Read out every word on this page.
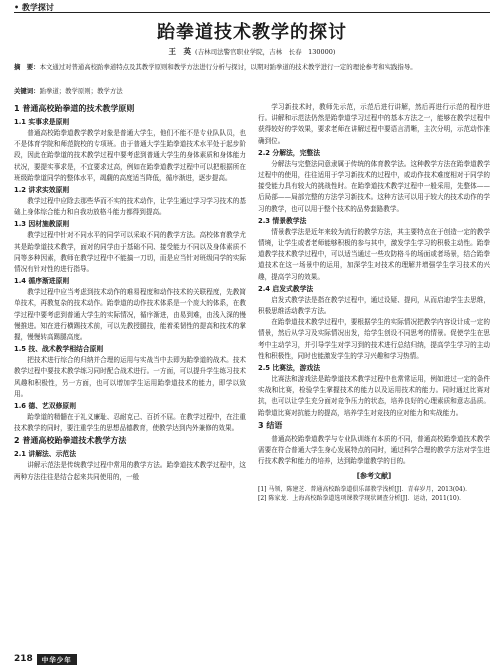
• 教学探讨
跆拳道技术教学的探讨
王　英 (吉林司法警官职业学院，吉林　长春　130000)
摘　要：本文通过对普通高校跆拳道特点及其教学原则和教学方法进行分析与探讨，以期对跆拳道的技术教学进行一定的理论参考和实践指导。
关键词：跆拳道；教学原则；教学方法
1 普通高校跆拳道的技术教学原则
1.1 实事求是原则
普通高校跆拳道教学教学对象是普通大学生，他们不能不是专业队队员，也不是体育学院和师范院校的专项班。由于普通大学生跆拳道技术水平处于起步阶段，因此在跆拳道的技术教学过程中要考虑到普通大学生的身体素质和身体能力状况，要提实事求是，不宜要求过高，例如在跆拳道教学过程中可以把根据所在班级跆拳道同学的整体水平，竭觑的高度适当降低，循序渐进，逐步提高。
1.2 讲求实效原则
教学过程中应除去那些华而不实的技术动作，让学生通过学习学习技术的基础上身体综合能力和自我功放格斗能力都得到提高。
1.3 因材施教原则
教学过程中针对不同水平的同学可以采取不同的教学方法。高校体育教学尤其是跆拳道技术教学，面对的同学由于基础不同、接受能力不同以及身体素质不同等多种因素，教师在教学过程中不能搞一刀切，而是应当针对班级同学的实际情况有针对性的进行指导。
1.4 循序渐进原则
教学过程中应当考虑到技术动作的难易程度和动作技术的关联程度，先教简单技术，再教复杂的技术动作。跆拳道的动作技术体系是一个庞大的体系，在教学过程中要考虑到普通大学生的实际情况，循序渐进，由易到难，由浅入深的慢慢推进。知在进行横踢技术前，可以先教授腿技，能着柔韧性的提高和技术的掌握，慢慢转高踢腿高度。
1.5 技、战术教学相结合原则
把技术进行综合的归纳并合理的运用与实战当中去即为跆拳道的战术。技术教学过程中要技术教学练习同时配合战术进行。一方面，可以提升学生练习技术风趣和积极性，另一方面，也可以增加学生运用跆拳道技术的能力，即学以致用。
1.6 德、艺双修原则
跆拳道的精髓在于礼义廉耻、忍耐克己、百折不屈。在教学过程中，在注重技术教学的同时，要注重学生的思想品德教育，使教学达到内外兼修的效果。
2 普通高校跆拳道技术教学方法
2.1 讲解法、示范法
讲解示范法是传统教学过程中常用的教学方法。跆拳道技术教学过程中，这两种方法往往是结合起来共同使用的，一般
学习新技术时，教师先示范，示范后进行讲解，然后再进行示范的程序进行。讲解和示范法仍然是跆拳道学习过程中的基本方法之一，能够在教学过程中获得较好的学效果，要求老师在讲解过程中要语言清晰，主次分明，示范动作准确到位。
2.2 分解法，完整法
分解法与完整法同意隶属于传统的体育教学法。这种教学方法在跆拳道教学过程中的使用，往往适用于学习新技术的过程中，或动作技术难度相对于同学的接受能力具有较大的挑战性时。在跆拳道技术教学过程中一般采用，先整体——后局部——局部完整的方法学习新技术。这种方法可以用于较大的技术动作的学习的教学，也可以用于整个技术的品势套路教学。
2.3 情景教学法
情景教学法是近年来较为流行的教学方法，其主要特点在于创造一定的教学情境，让学生或者老师能够积极的参与其中，激发学生学习的积极主动性。跆拳道教学技术教学过程中，可以适当通过一些攻防格斗的场面或者场景，结合跆拳道技术在这一场景中的运用，加深学生对技术的理解并增强学生学习技术的兴趣，提高学习的效果。
2.4 启发式教学法
启发式教学法是指在教学过程中，通过设疑、提问，从而启迪学生去思维，积极思维活动教学方法。
在跆拳道技术教学过程中，要根据学生的实际情况把教学内容设计成一定的情景，然后从学习及实际情况出发，给学生创设不同思考的情景。促使学生在思考中主动学习，并引导学生对学习到的技术进行总结归纳，提高学生学习的主动性和积极性，同时也能激发学生的学习兴趣和学习热情。
2.5 比赛法，游戏法
比赛法和游戏法是跆拳道技术教学过程中也常常运用，例如进过一定的条件实战和比赛，检验学生掌握技术的能力以及运用技术的能力。同时通过比赛对抗，也可以让学生充分面对竞争压力的状态，培养良好的心理素质和意志品质。跆拳道比赛对抗能力的提高，培养学生对竞技的应对能力和实战能力。
3 结语
普通高校跆拳道教学与专业队训练有本质的不同，普通高校跆拳道技术教学需要在符合普通大学生身心发展特点的同时，通过科学合理的教学方法对学生进行技术教学和能力的培养，达到跆拳道教学的目的。
[参考文献]
[1] 马领，陈建芝．普通高校跆拳道俱乐部教学浅析[J]．青春岁月，2013(04)．
[2] 陈家龙．上海高校跆拳道选项课教学现状调查分析[J]．运动，2011(10)．
218	中华少年
